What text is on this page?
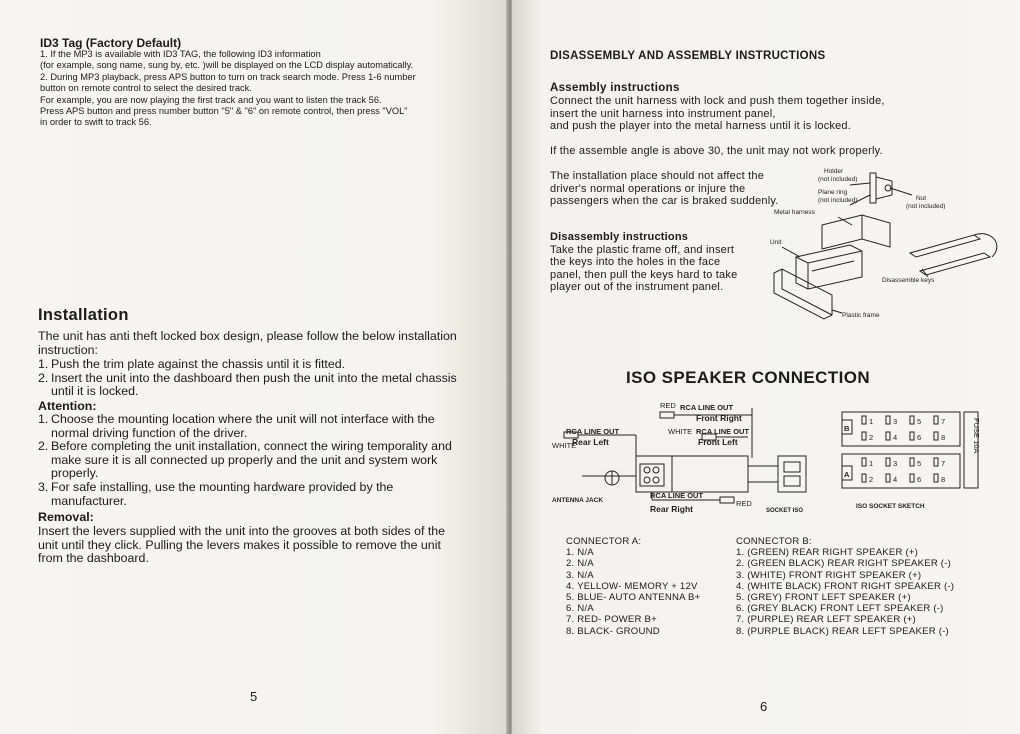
ID3 Tag (Factory Default)
1. If the MP3 is available with ID3 TAG, the following ID3 information
(for example, song name, sung by, etc. )will be displayed on the LCD display automatically.
2. During MP3 playback, press APS button to turn on track search mode. Press 1-6 number
button on remote control to select the desired track.
For example, you are now playing the first track and you want to listen the track 56.
Press APS button and press number button "5" & "6" on remote control, then press "VOL"
in order to swift to track 56.
Installation
The unit has anti theft locked box design, please follow the below installation instruction:
1. Push the trim plate against the chassis until it is fitted.
2. Insert the unit into the dashboard then push the unit into the metal chassis until it is locked.
Attention:
1. Choose the mounting location where the unit will not interface with the normal driving function of the driver.
2. Before completing the unit installation, connect the wiring temporality and make sure it is all connected up properly and the unit and system work properly.
3. For safe installing, use the mounting hardware provided by the manufacturer.
Removal:
Insert the levers supplied with the unit into the grooves at both sides of the unit until they click. Pulling the levers makes it possible to remove the unit from the dashboard.
5
DISASSEMBLY AND ASSEMBLY INSTRUCTIONS
Assembly instructions
Connect the unit harness with lock and push them together inside,
insert the unit harness into instrument panel,
and push the player into the metal harness until it is locked.
If the assemble angle is above 30, the unit may not work properly.
The installation place should not affect the driver's normal operations or injure the passengers when the car is braked suddenly.
Disassembly instructions
Take the plastic frame off, and insert the keys into the holes in the face panel, then pull the keys hard to take player out of the instrument panel.
Holder
(not included)
Plane ring
(not included)	Nut
(not included)
Metal harness
Unit
Disassemble keys
Plastic frame
ISO SPEAKER CONNECTION
RED RCA LINE OUT
Front Right
WHITE RCA LINE OUT
Front Left
RCA LINE OUT
WHITE
Rear Left
ANTENNA JACK
RCA LINE OUT
Rear Right
RED
SOCKET ISO
ISO SOCKET SKETCH
B
A
FUSE 10A
1	3	5	7
2	4	6	8
1	3	5	7
2	4	6	8
CONNECTOR A:
1. N/A
2. N/A
3. N/A
4. YELLOW- MEMORY + 12V
5. BLUE- AUTO ANTENNA B+
6. N/A
7. RED- POWER B+
8. BLACK- GROUND
CONNECTOR B:
1. (GREEN) REAR RIGHT SPEAKER (+)
2. (GREEN BLACK) REAR RIGHT SPEAKER (-)
3. (WHITE) FRONT RIGHT SPEAKER (+)
4. (WHITE BLACK) FRONT RIGHT SPEAKER (-)
5. (GREY) FRONT LEFT SPEAKER (+)
6. (GREY BLACK) FRONT LEFT SPEAKER (-)
7. (PURPLE) REAR LEFT SPEAKER (+)
8. (PURPLE BLACK) REAR LEFT SPEAKER (-)
6
